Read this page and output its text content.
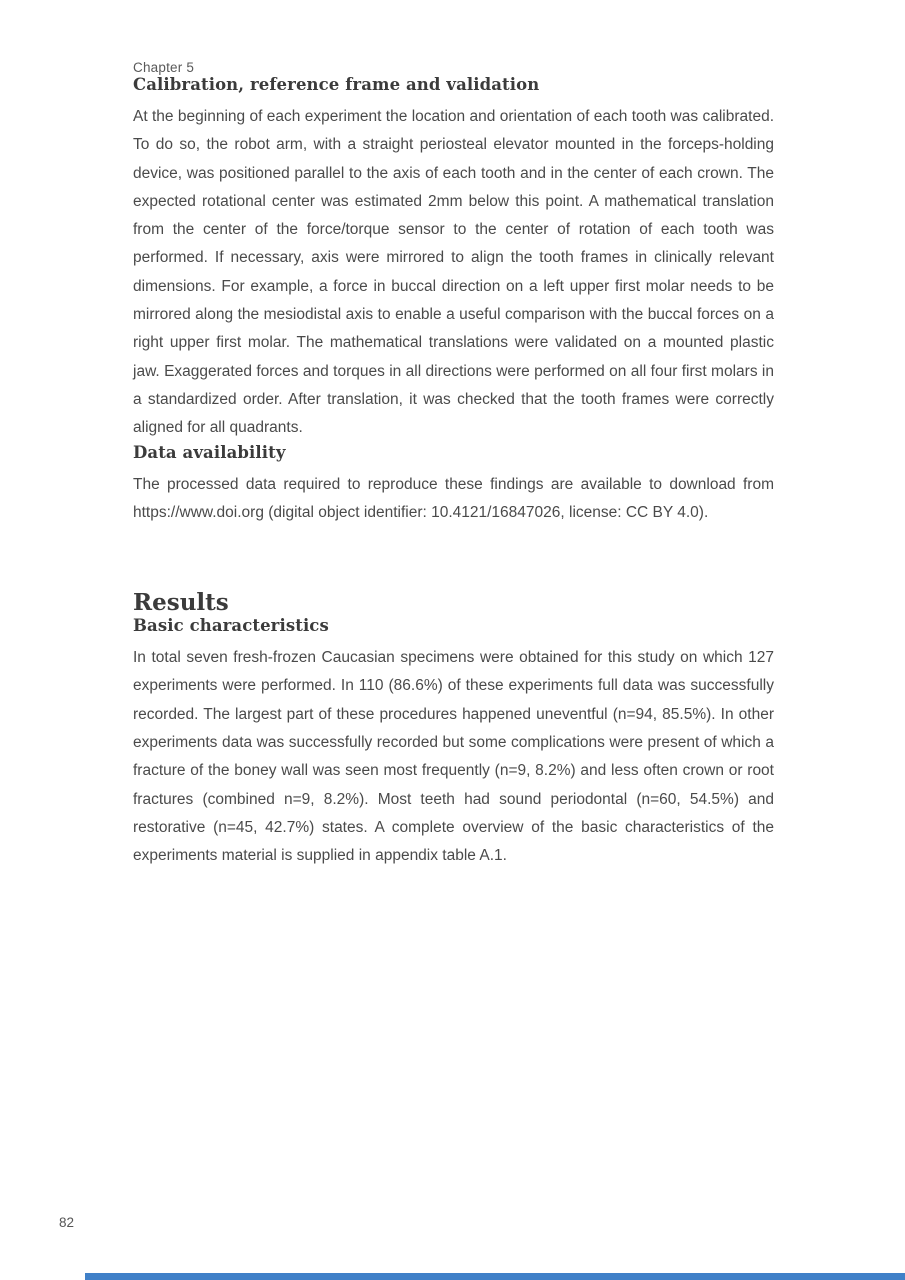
Chapter 5
Calibration, reference frame and validation

At the beginning of each experiment the location and orientation of each tooth was calibrated. To do so, the robot arm, with a straight periosteal elevator mounted in the forceps-holding device, was positioned parallel to the axis of each tooth and in the center of each crown. The expected rotational center was estimated 2mm below this point. A mathematical translation from the center of the force/torque sensor to the center of rotation of each tooth was performed. If necessary, axis were mirrored to align the tooth frames in clinically relevant dimensions. For example, a force in buccal direction on a left upper first molar needs to be mirrored along the mesiodistal axis to enable a useful comparison with the buccal forces on a right upper first molar. The mathematical translations were validated on a mounted plastic jaw. Exaggerated forces and torques in all directions were performed on all four first molars in a standardized order. After translation, it was checked that the tooth frames were correctly aligned for all quadrants.

Data availability

The processed data required to reproduce these findings are available to download from https://www.doi.org (digital object identifier: 10.4121/16847026, license: CC BY 4.0).

Results
Basic characteristics

In total seven fresh-frozen Caucasian specimens were obtained for this study on which 127 experiments were performed. In 110 (86.6%) of these experiments full data was successfully recorded. The largest part of these procedures happened uneventful (n=94, 85.5%). In other experiments data was successfully recorded but some complications were present of which a fracture of the boney wall was seen most frequently (n=9, 8.2%) and less often crown or root fractures (combined n=9, 8.2%). Most teeth had sound periodontal (n=60, 54.5%) and restorative (n=45, 42.7%) states. A complete overview of the basic characteristics of the experiments material is supplied in appendix table A.1.

82
